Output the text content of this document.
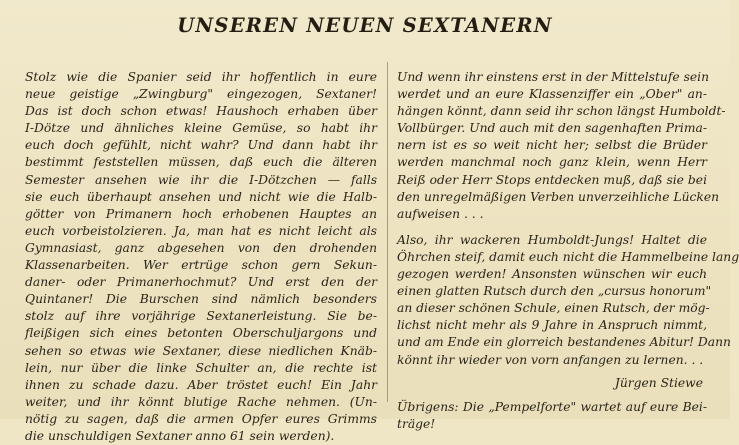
UNSEREN NEUEN SEXTANERN
Stolz wie die Spanier seid ihr hoffentlich in eure
neue geistige „Zwingburg" eingezogen, Sextaner!
Das ist doch schon etwas! Haushoch erhaben über
I-Dötze und ähnliches kleine Gemüse, so habt ihr
euch doch gefühlt, nicht wahr? Und dann habt ihr
bestimmt feststellen müssen, daß euch die älteren
Semester ansehen wie ihr die I-Dötzchen — falls
sie euch überhaupt ansehen und nicht wie die Halb-
götter von Primanern hoch erhobenen Hauptes an
euch vorbeistolzieren. Ja, man hat es nicht leicht als
Gymnasiast, ganz abgesehen von den drohenden
Klassenarbeiten. Wer ertrüge schon gern Sekun-
daner- oder Primanerhochmut? Und erst den der
Quintaner! Die Burschen sind nämlich besonders
stolz auf ihre vorjährige Sextanerleistung. Sie be-
fleißigen sich eines betonten Oberschuljargons und
sehen so etwas wie Sextaner, diese niedlichen Knäb-
lein, nur über die linke Schulter an, die rechte ist
ihnen zu schade dazu. Aber tröstet euch! Ein Jahr
weiter, und ihr könnt blutige Rache nehmen. (Un-
nötig zu sagen, daß die armen Opfer eures Grimms
die unschuldigen Sextaner anno 61 sein werden).
Und wenn ihr einstens erst in der Mittelstufe sein
werdet und an eure Klassenziffer ein „Ober" an-
hängen könnt, dann seid ihr schon längst Humboldt-
Vollbürger. Und auch mit den sagenhaften Prima-
nern ist es so weit nicht her; selbst die Brüder
werden manchmal noch ganz klein, wenn Herr
Reiß oder Herr Stops entdecken muß, daß sie bei
den unregelmäßigen Verben unverzeihliche Lücken
aufweisen . . .
Also, ihr wackeren Humboldt-Jungs! Haltet die
Öhrchen steif, damit euch nicht die Hammelbeine lang
gezogen werden! Ansonsten wünschen wir euch
einen glatten Rutsch durch den „cursus honorum"
an dieser schönen Schule, einen Rutsch, der mög-
lichst nicht mehr als 9 Jahre in Anspruch nimmt,
und am Ende ein glorreich bestandenes Abitur! Dann
könnt ihr wieder von vorn anfangen zu lernen. . .
Jürgen Stiewe
Übrigens: Die „Pempelforte" wartet auf eure Bei-
träge!
